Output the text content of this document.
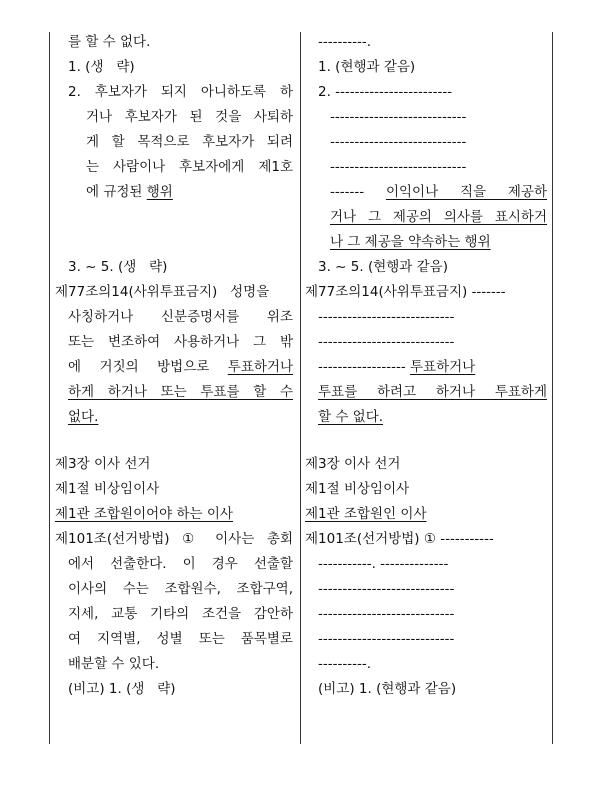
를 할 수 없다.
1. (생   략)
2. 후보자가 되지 아니하도록 하
거나 후보자가 된 것을 사퇴하
게 할 목적으로 후보자가 되려
는 사람이나 후보자에게 제1호
에 규정된 행위
3. ~ 5. (생   략)
제77조의14(사위투표금지)   성명을
사칭하거나 신분증명서를 위조
또는 변조하여 사용하거나 그 밖
에 거짓의 방법으로 투표하거나
하게 하거나 또는 투표를 할 수
없다.
제3장 이사 선거
제1절 비상임이사
제1관 조합원이어야 하는 이사
제101조(선거방법) ① 이사는 총회
에서 선출한다. 이 경우 선출할
이사의 수는 조합원수, 조합구역,
지세, 교통 기타의 조건을 감안하
여 지역별, 성별 또는 품목별로
배분할 수 있다.
(비고) 1. (생   략)
----------.
1. (현행과 같음)
2. ------------------------
----------------------------
----------------------------
----------------------------
------- 이익이나 직을 제공하
거나 그 제공의 의사를 표시하거
나 그 제공을 약속하는 행위
3. ~ 5. (현행과 같음)
제77조의14(사위투표금지) -------
----------------------------
----------------------------
------------------ 투표하거나
투표를 하려고 하거나 투표하게
할 수 없다.
제3장 이사 선거
제1절 비상임이사
제1관 조합원인 이사
제101조(선거방법) ① -----------
-----------. --------------
----------------------------
----------------------------
----------------------------
----------.
(비고) 1. (현행과 같음)
